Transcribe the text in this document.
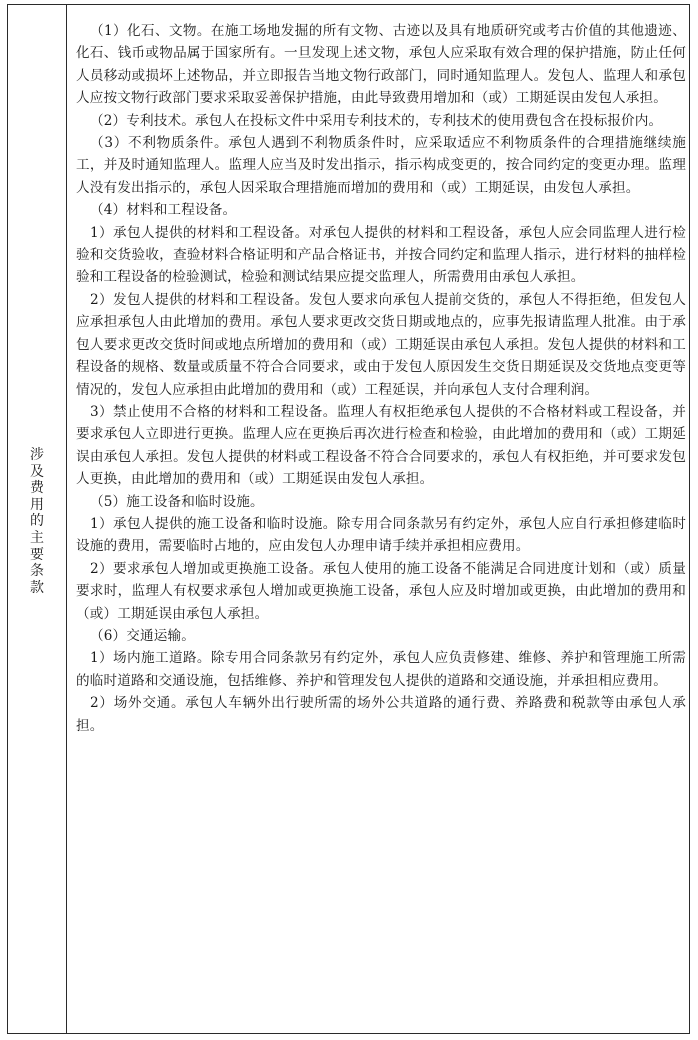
涉
及
费
用
的
主
要
条
款

（1）化石、文物。在施工场地发掘的所有文物、古迹以及具有地质研究或考古价值的其他遗迹、化石、钱币或物品属于国家所有。一旦发现上述文物，承包人应采取有效合理的保护措施，防止任何人员移动或损坏上述物品，并立即报告当地文物行政部门，同时通知监理人。发包人、监理人和承包人应按文物行政部门要求采取妥善保护措施，由此导致费用增加和（或）工期延误由发包人承担。

（2）专利技术。承包人在投标文件中采用专利技术的，专利技术的使用费包含在投标报价内。

（3）不利物质条件。承包人遇到不利物质条件时，应采取适应不利物质条件的合理措施继续施工，并及时通知监理人。监理人应当及时发出指示，指示构成变更的，按合同约定的变更办理。监理人没有发出指示的，承包人因采取合理措施而增加的费用和（或）工期延误，由发包人承担。

（4）材料和工程设备。

1）承包人提供的材料和工程设备。对承包人提供的材料和工程设备，承包人应会同监理人进行检验和交货验收，查验材料合格证明和产品合格证书，并按合同约定和监理人指示，进行材料的抽样检验和工程设备的检验测试，检验和测试结果应提交监理人，所需费用由承包人承担。

2）发包人提供的材料和工程设备。发包人要求向承包人提前交货的，承包人不得拒绝，但发包人应承担承包人由此增加的费用。承包人要求更改交货日期或地点的，应事先报请监理人批准。由于承包人要求更改交货时间或地点所增加的费用和（或）工期延误由承包人承担。发包人提供的材料和工程设备的规格、数量或质量不符合合同要求，或由于发包人原因发生交货日期延误及交货地点变更等情况的，发包人应承担由此增加的费用和（或）工程延误，并向承包人支付合理利润。

3）禁止使用不合格的材料和工程设备。监理人有权拒绝承包人提供的不合格材料或工程设备，并要求承包人立即进行更换。监理人应在更换后再次进行检查和检验，由此增加的费用和（或）工期延误由承包人承担。发包人提供的材料或工程设备不符合合同要求的，承包人有权拒绝，并可要求发包人更换，由此增加的费用和（或）工期延误由发包人承担。

（5）施工设备和临时设施。

1）承包人提供的施工设备和临时设施。除专用合同条款另有约定外，承包人应自行承担修建临时设施的费用，需要临时占地的，应由发包人办理申请手续并承担相应费用。

2）要求承包人增加或更换施工设备。承包人使用的施工设备不能满足合同进度计划和（或）质量要求时，监理人有权要求承包人增加或更换施工设备，承包人应及时增加或更换，由此增加的费用和（或）工期延误由承包人承担。

（6）交通运输。

1）场内施工道路。除专用合同条款另有约定外，承包人应负责修建、维修、养护和管理施工所需的临时道路和交通设施，包括维修、养护和管理发包人提供的道路和交通设施，并承担相应费用。

2）场外交通。承包人车辆外出行驶所需的场外公共道路的通行费、养路费和税款等由承包人承担。
